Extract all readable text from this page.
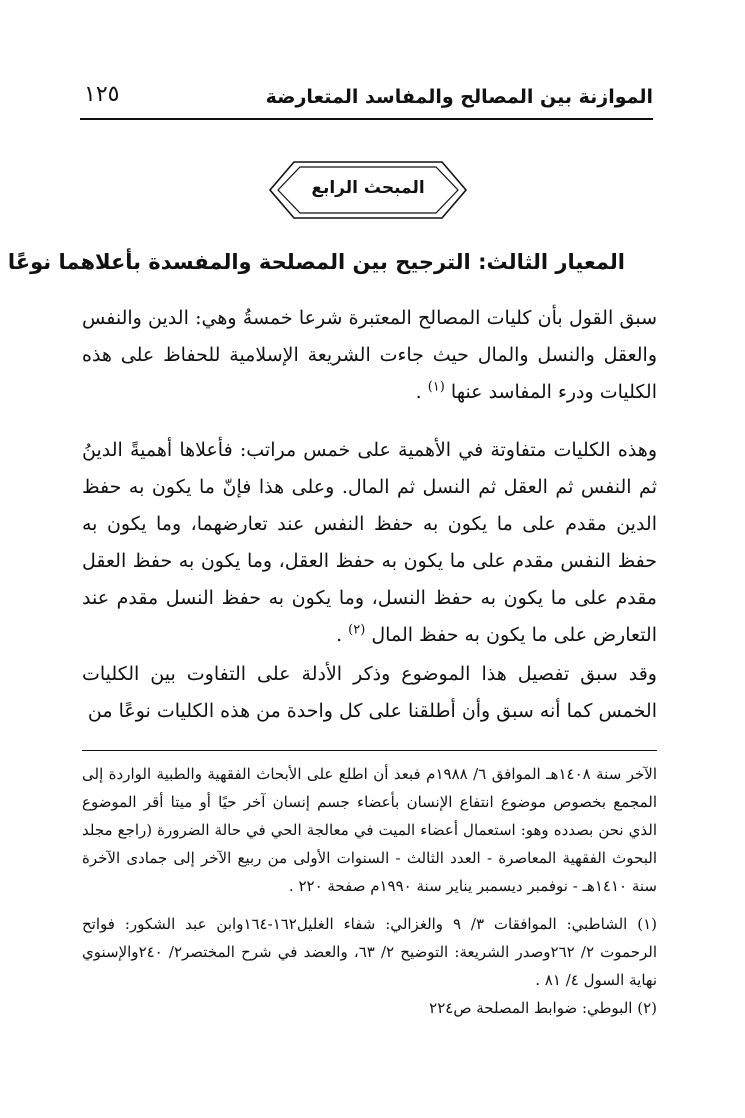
الموازنة بين المصالح والمفاسد المتعارضة
١٢٥
المبحث الرابع
المعيار الثالث: الترجيح بين المصلحة والمفسدة بأعلاهما نوعًا

سبق القول بأن كليات المصالح المعتبرة شرعا خمسةُ وهي: الدين والنفس والعقل والنسل والمال حيث جاءت الشريعة الإسلامية للحفاظ على هذه الكليات ودرء المفاسد عنها $^{(١)}$ .

وهذه الكليات متفاوتة في الأهمية على خمس مراتب: فأعلاها أهميةً الدينُ ثم النفس ثم العقل ثم النسل ثم المال. وعلى هذا فإنّ ما يكون به حفظ الدين مقدم على ما يكون به حفظ النفس عند تعارضهما، وما يكون به حفظ النفس مقدم على ما يكون به حفظ العقل، وما يكون به حفظ العقل مقدم على ما يكون به حفظ النسل، وما يكون به حفظ النسل مقدم عند التعارض على ما يكون به حفظ المال $^{(٢)}$ .

وقد سبق تفصيل هذا الموضوع وذكر الأدلة على التفاوت بين الكليات الخمس كما أنه سبق وأن أطلقنا على كل واحدة من هذه الكليات نوعًا من

الآخر سنة ١٤٠٨هـ الموافق ٦/ ١٩٨٨م فبعد أن اطلع على الأبحاث الفقهية والطبية الواردة إلى المجمع بخصوص موضوع انتفاع الإنسان بأعضاء جسم إنسان آخر حيًا أو ميتا أقر الموضوع الذي نحن بصدده وهو: استعمال أعضاء الميت في معالجة الحي في حالة الضرورة (راجع مجلد البحوث الفقهية المعاصرة - العدد الثالث - السنوات الأولى من ربيع الآخر إلى جمادى الآخرة سنة ١٤١٠هـ - نوفمبر ديسمبر يناير سنة ١٩٩٠م صفحة ٢٢٠ .

(١) الشاطبي: الموافقات ٣/ ٩ والغزالي: شفاء الغليل١٦٢-١٦٤وابن عبد الشكور: فواتح الرحموت ٢/ ٢٦٢وصدر الشريعة: التوضيح ٢/ ٦٣، والعضد في شرح المختصر٢/ ٢٤٠والإسنوي نهاية السول ٤/ ٨١ .
(٢) البوطي: ضوابط المصلحة ص٢٢٤
